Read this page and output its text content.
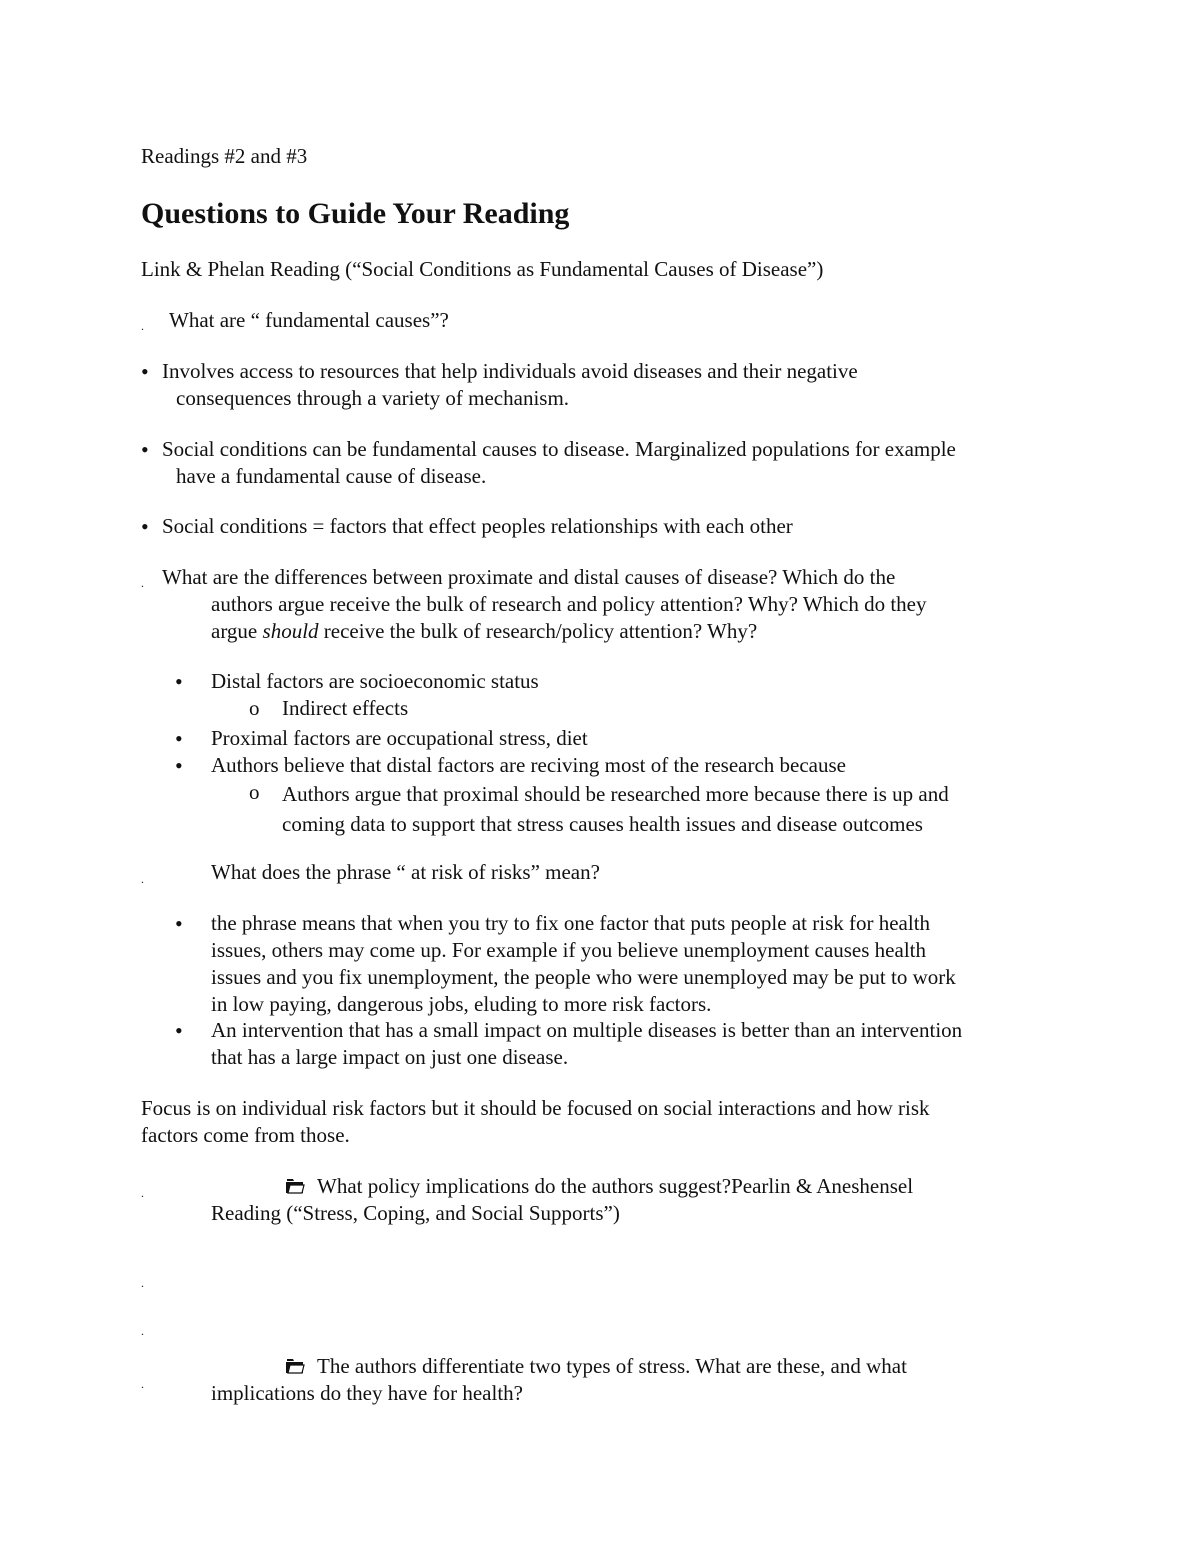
Readings #2 and #3

Questions to Guide Your Reading

Link & Phelan Reading (“Social Conditions as Fundamental Causes of Disease”)

. What are “ fundamental causes”?

• Involves access to resources that help individuals avoid diseases and their negative
consequences through a variety of mechanism.

• Social conditions can be fundamental causes to disease. Marginalized populations for example
have a fundamental cause of disease.

• Social conditions = factors that effect peoples relationships with each other

. What are the differences between proximate and distal causes of disease? Which do the
authors argue receive the bulk of research and policy attention? Why? Which do they
argue should receive the bulk of research/policy attention? Why?

• Distal factors are socioeconomic status

o Indirect effects

• Proximal factors are occupational stress, diet

• Authors believe that distal factors are reciving most of the research because

o Authors argue that proximal should be researched more because there is up and
coming data to support that stress causes health issues and disease outcomes

.	What does the phrase “ at risk of risks” mean?

• the phrase means that when you try to fix one factor that puts people at risk for health
issues, others may come up. For example if you believe unemployment causes health
issues and you fix unemployment, the people who were unemployed may be put to work
in low paying, dangerous jobs, eluding to more risk factors.

• An intervention that has a small impact on multiple diseases is better than an intervention
that has a large impact on just one disease.

Focus is on individual risk factors but it should be focused on social interactions and how risk
factors come from those.

.	What policy implications do the authors suggest?Pearlin & Aneshensel
Reading (“Stress, Coping, and Social Supports”)

.
.
.

The authors differentiate two types of stress. What are these, and what
implications do they have for health?
